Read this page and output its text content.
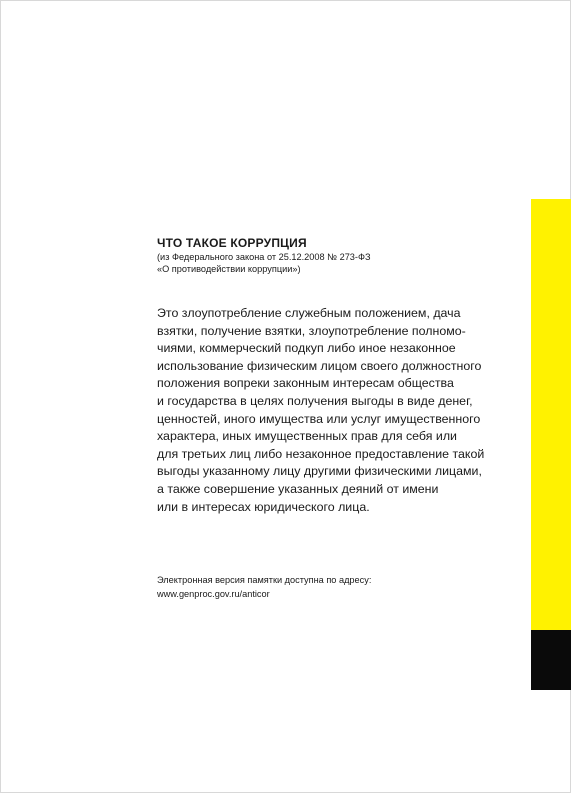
ЧТО ТАКОЕ КОРРУПЦИЯ
(из Федерального закона от 25.12.2008 № 273-ФЗ
«О противодействии коррупции»)
Это злоупотребление служебным положением, дача
взятки, получение взятки, злоупотребление полномо-
чиями, коммерческий подкуп либо иное незаконное
использование физическим лицом своего должностного
положения вопреки законным интересам общества
и государства в целях получения выгоды в виде денег,
ценностей, иного имущества или услуг имущественного
характера, иных имущественных прав для себя или
для третьих лиц либо незаконное предоставление такой
выгоды указанному лицу другими физическими лицами,
а также совершение указанных деяний от имени
или в интересах юридического лица.
Электронная версия памятки доступна по адресу:
www.genproc.gov.ru/anticor
